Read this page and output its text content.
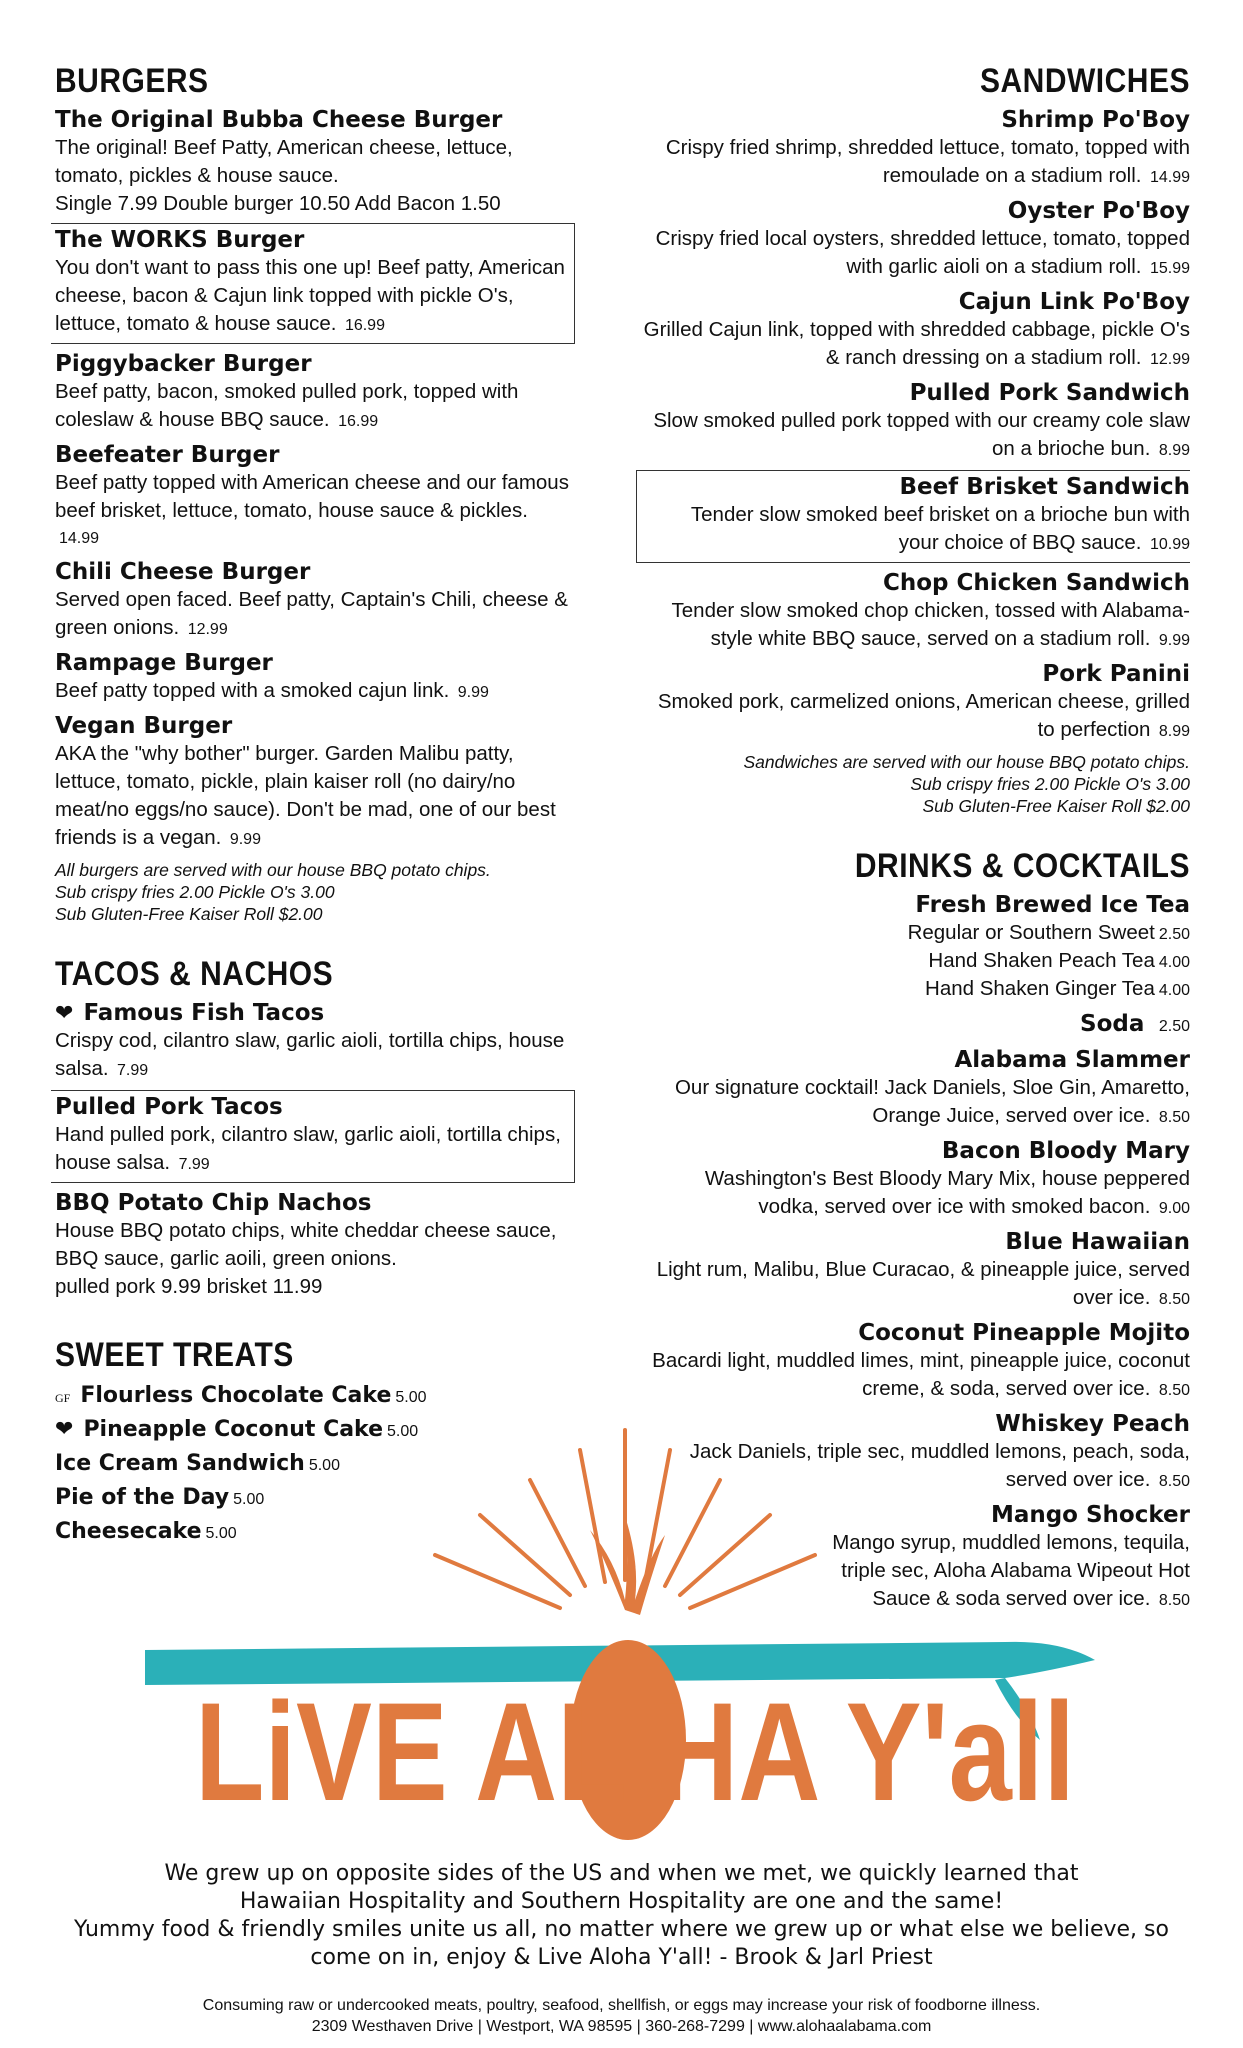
BURGERS
The Original Bubba Cheese Burger
The original! Beef Patty, American cheese, lettuce, tomato, pickles & house sauce.
Single 7.99 Double burger 10.50 Add Bacon 1.50
The WORKS Burger
You don't want to pass this one up! Beef patty, American cheese, bacon & Cajun link topped with pickle O's, lettuce, tomato & house sauce. 16.99
Piggybacker Burger
Beef patty, bacon, smoked pulled pork, topped with coleslaw & house BBQ sauce. 16.99
Beefeater Burger
Beef patty topped with American cheese and our famous beef brisket, lettuce, tomato, house sauce & pickles. 14.99
Chili Cheese Burger
Served open faced. Beef patty, Captain's Chili, cheese & green onions. 12.99
Rampage Burger
Beef patty topped with a smoked cajun link. 9.99
Vegan Burger
AKA the "why bother" burger. Garden Malibu patty, lettuce, tomato, pickle, plain kaiser roll (no dairy/no meat/no eggs/no sauce). Don't be mad, one of our best friends is a vegan. 9.99
All burgers are served with our house BBQ potato chips.
Sub crispy fries 2.00 Pickle O's 3.00
Sub Gluten-Free Kaiser Roll $2.00
TACOS & NACHOS
❤ Famous Fish Tacos
Crispy cod, cilantro slaw, garlic aioli, tortilla chips, house salsa. 7.99
Pulled Pork Tacos
Hand pulled pork, cilantro slaw, garlic aioli, tortilla chips, house salsa. 7.99
BBQ Potato Chip Nachos
House BBQ potato chips, white cheddar cheese sauce, BBQ sauce, garlic aoili, green onions.
pulled pork 9.99 brisket 11.99
SWEET TREATS
GF Flourless Chocolate Cake 5.00
❤ Pineapple Coconut Cake 5.00
Ice Cream Sandwich 5.00
Pie of the Day 5.00
Cheesecake 5.00
SANDWICHES
Shrimp Po'Boy
Crispy fried shrimp, shredded lettuce, tomato, topped with remoulade on a stadium roll. 14.99
Oyster Po'Boy
Crispy fried local oysters, shredded lettuce, tomato, topped with garlic aioli on a stadium roll. 15.99
Cajun Link Po'Boy
Grilled Cajun link, topped with shredded cabbage, pickle O's & ranch dressing on a stadium roll. 12.99
Pulled Pork Sandwich
Slow smoked pulled pork topped with our creamy cole slaw on a brioche bun. 8.99
Beef Brisket Sandwich
Tender slow smoked beef brisket on a brioche bun with your choice of BBQ sauce. 10.99
Chop Chicken Sandwich
Tender slow smoked chop chicken, tossed with Alabama-style white BBQ sauce, served on a stadium roll. 9.99
Pork Panini
Smoked pork, carmelized onions, American cheese, grilled to perfection 8.99
Sandwiches are served with our house BBQ potato chips.
Sub crispy fries 2.00 Pickle O's 3.00
Sub Gluten-Free Kaiser Roll $2.00
DRINKS & COCKTAILS
Fresh Brewed Ice Tea
Regular or Southern Sweet 2.50
Hand Shaken Peach Tea 4.00
Hand Shaken Ginger Tea 4.00
Soda 2.50
Alabama Slammer
Our signature cocktail! Jack Daniels, Sloe Gin, Amaretto, Orange Juice, served over ice. 8.50
Bacon Bloody Mary
Washington's Best Bloody Mary Mix, house peppered vodka, served over ice with smoked bacon. 9.00
Blue Hawaiian
Light rum, Malibu, Blue Curacao, & pineapple juice, served over ice. 8.50
Coconut Pineapple Mojito
Bacardi light, muddled limes, mint, pineapple juice, coconut creme, & soda, served over ice. 8.50
Whiskey Peach
Jack Daniels, triple sec, muddled lemons, peach, soda, served over ice. 8.50
Mango Shocker
Mango syrup, muddled lemons, tequila, triple sec, Aloha Alabama Wipeout Hot Sauce & soda served over ice. 8.50
LiVE AL HA Y'all
We grew up on opposite sides of the US and when we met, we quickly learned that
Hawaiian Hospitality and Southern Hospitality are one and the same!
Yummy food & friendly smiles unite us all, no matter where we grew up or what else we believe, so
come on in, enjoy & Live Aloha Y'all! - Brook & Jarl Priest
Consuming raw or undercooked meats, poultry, seafood, shellfish, or eggs may increase your risk of foodborne illness.
2309 Westhaven Drive | Westport, WA 98595 | 360-268-7299 | www.alohaalabama.com
